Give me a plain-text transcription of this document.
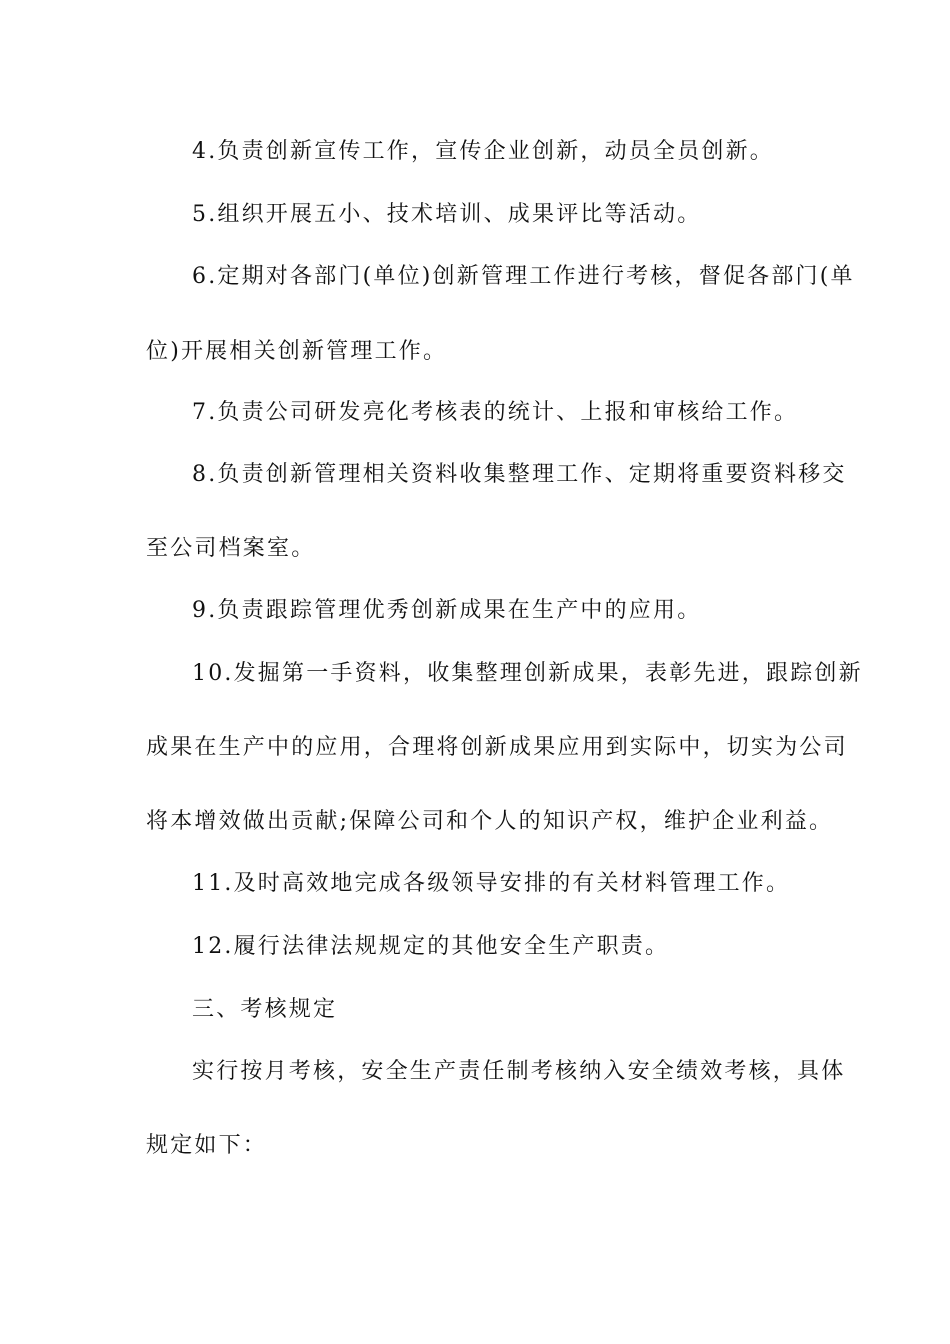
4.负责创新宣传工作，宣传企业创新，动员全员创新。
5.组织开展五小、技术培训、成果评比等活动。
6.定期对各部门(单位)创新管理工作进行考核，督促各部门(单
位)开展相关创新管理工作。
7.负责公司研发亮化考核表的统计、上报和审核给工作。
8.负责创新管理相关资料收集整理工作、定期将重要资料移交
至公司档案室。
9.负责跟踪管理优秀创新成果在生产中的应用。
10.发掘第一手资料，收集整理创新成果，表彰先进，跟踪创新
成果在生产中的应用，合理将创新成果应用到实际中，切实为公司
将本增效做出贡献;保障公司和个人的知识产权，维护企业利益。
11.及时高效地完成各级领导安排的有关材料管理工作。
12.履行法律法规规定的其他安全生产职责。
三、考核规定
实行按月考核，安全生产责任制考核纳入安全绩效考核，具体
规定如下：
